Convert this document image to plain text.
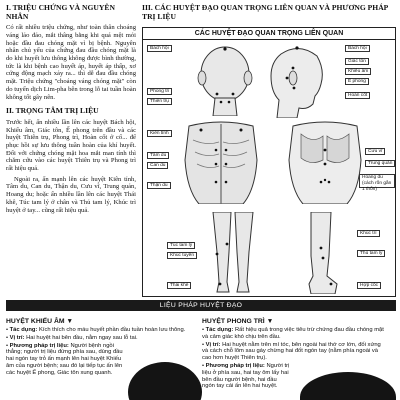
I. TRIỆU CHỨNG VÀ NGUYÊN NHÂN
Có rất nhiều triệu chứng, như toàn thân choáng váng lảo đảo, mắt thâng bằng khi quá mệt mỏi hoặc đầu đau chóng mặt vì bị bệnh. Nguyên nhân chủ yếu của chứng đau đầu chóng mặt là do khi huyết lưu thông không được bình thường, tức là khi bệnh cao huyết áp, huyết áp thấp, xơ cứng động mạch xảy ra... thì dễ đau đầu chóng mặt. Triệu chứng "choáng váng chóng mặt" còn do tuyến dịch Lim-pha bên trong lỗ tai tuần hoàn không tốt gây nên.
II. TRỌNG TÂM TRỊ LIỆU
Trước hết, ấn nhiều lần lên các huyệt Bách hội, Khiếu âm, Giác tôn, Ế phong trên đầu và các huyệt Thiên trụ, Phong trì, Hoàn cốt ở cổ... để phục hồi sự lưu thông tuần hoàn của khí huyết. Đối với chứng chóng mặt hoa mắt man tính thì chăm cứu vào các huyệt Thiên trụ và Phong trì rất hiệu quả.
Ngoài ra, ấn mạnh lên các huyệt Kiên tỉnh, Tâm du, Can du, Thận du, Cưu vĩ, Trung quản, Hoang du; hoặc ấn nhiều lần lên các huyệt Thái khê, Túc tam lý ở chân và Thủ tam lý, Khúc trì huyệt ở tay... cũng rất hiệu quả.
III. CÁC HUYỆT ĐẠO QUAN TRỌNG LIÊN QUAN VÀ PHƯƠNG PHÁP TRỊ LIỆU
CÁC HUYỆT ĐẠO QUAN TRỌNG LIÊN QUAN
Bách hội
Phong trì
Thiên trụ
Kiên tỉnh
Tâm du
Can du
Thận du
Túc tam lý
Khúc tuyền
Thái khê
Bách hội
Giác tôn
Khiếu âm
Ế phong
Hoàn cốt
Cưu vĩ
Trung quản
Hoang du (cách rốn gần 1 thốn)
Khúc trì
Thủ tam lý
Hợp cốc
LIỆU PHÁP HUYỆT ĐẠO
HUYỆT KHIẾU ÂM ▼
• Tác dụng: Kích thích cho máu huyết phần đầu tuần hoàn lưu thông.
• Vị trí: Hai huyệt hai bên đầu, nằm ngay sau lỗ tai.
• Phương pháp trị liệu: Người bệnh ngồi thẳng; người trị liệu đứng phía sau, dùng đầu hai ngón tay trỏ ấn mạnh lên hai huyệt Khiếu âm của người bệnh; sau đó lại tiếp tục ấn lên các huyệt Ế phong, Giác tôn xung quanh.
HUYỆT PHONG TRÌ ▼
• Tác dụng: Rất hiệu quả trong việc tiêu trừ chứng đau đầu chóng mặt và cảm giác khó chịu trên đầu.
• Vị trí: Hai huyệt nằm trên mí tóc, bên ngoài hai thớ cơ lớn, đối xứng và cách chỗ lõm sau gáy chừng hai đốt ngón tay (nằm phía ngoài và cao hơn huyệt Thiên trụ).
• Phương pháp trị liệu: Người trị liệu ở phía sau, hai tay ôm lấy hai bên đầu người bệnh, hai đầu ngón tay cái ấn lên hai huyệt.
